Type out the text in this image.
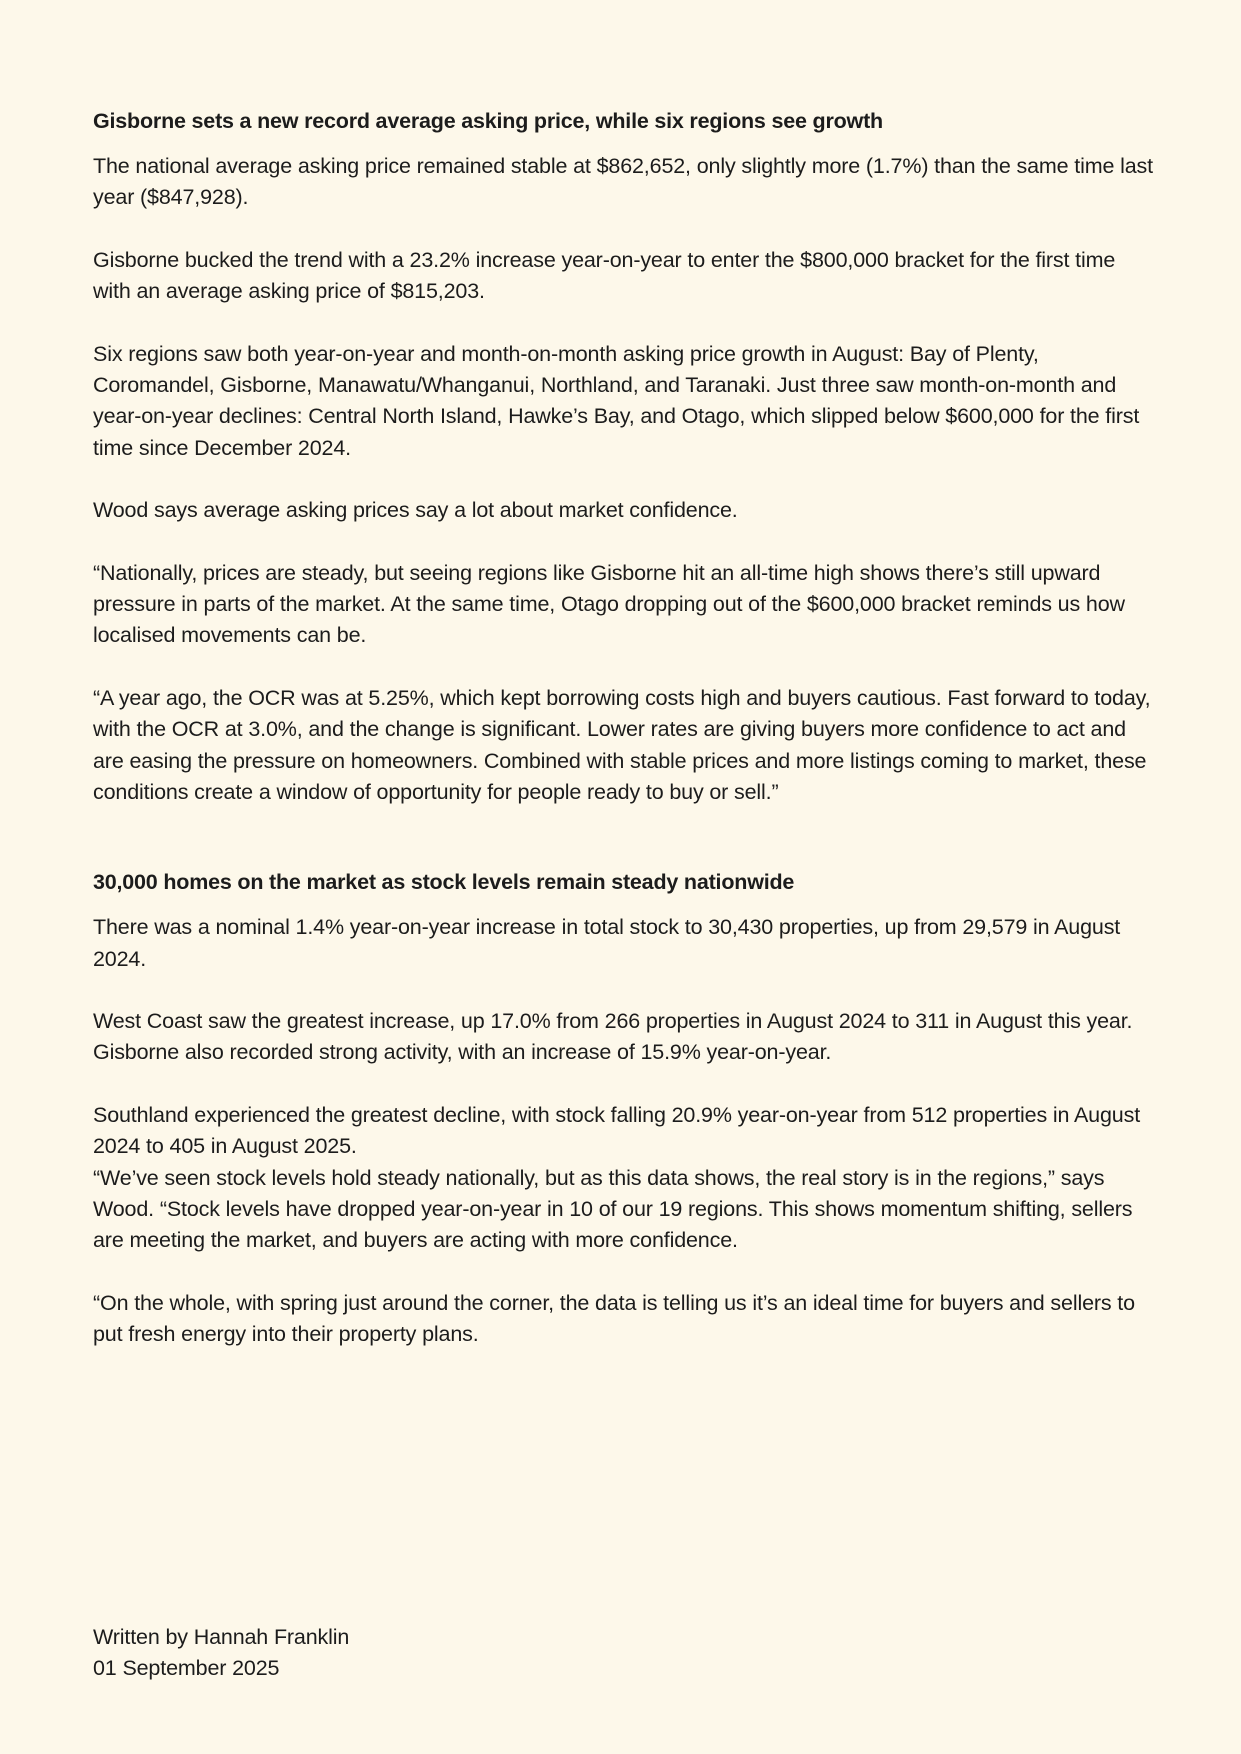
Gisborne sets a new record average asking price, while six regions see growth

The national average asking price remained stable at $862,652, only slightly more (1.7%) than the same time last year ($847,928).

Gisborne bucked the trend with a 23.2% increase year-on-year to enter the $800,000 bracket for the first time with an average asking price of $815,203.

Six regions saw both year-on-year and month-on-month asking price growth in August: Bay of Plenty, Coromandel, Gisborne, Manawatu/Whanganui, Northland, and Taranaki. Just three saw month-on-month and year-on-year declines: Central North Island, Hawke’s Bay, and Otago, which slipped below $600,000 for the first time since December 2024.

Wood says average asking prices say a lot about market confidence.

“Nationally, prices are steady, but seeing regions like Gisborne hit an all-time high shows there’s still upward pressure in parts of the market. At the same time, Otago dropping out of the $600,000 bracket reminds us how localised movements can be.

“A year ago, the OCR was at 5.25%, which kept borrowing costs high and buyers cautious. Fast forward to today, with the OCR at 3.0%, and the change is significant. Lower rates are giving buyers more confidence to act and are easing the pressure on homeowners. Combined with stable prices and more listings coming to market, these conditions create a window of opportunity for people ready to buy or sell.”

30,000 homes on the market as stock levels remain steady nationwide

There was a nominal 1.4% year-on-year increase in total stock to 30,430 properties, up from 29,579 in August 2024.

West Coast saw the greatest increase, up 17.0% from 266 properties in August 2024 to 311 in August this year. Gisborne also recorded strong activity, with an increase of 15.9% year-on-year.

Southland experienced the greatest decline, with stock falling 20.9% year-on-year from 512 properties in August 2024 to 405 in August 2025.

“We’ve seen stock levels hold steady nationally, but as this data shows, the real story is in the regions,” says Wood. “Stock levels have dropped year-on-year in 10 of our 19 regions. This shows momentum shifting, sellers are meeting the market, and buyers are acting with more confidence.

“On the whole, with spring just around the corner, the data is telling us it’s an ideal time for buyers and sellers to put fresh energy into their property plans.

Written by Hannah Franklin
01 September 2025
